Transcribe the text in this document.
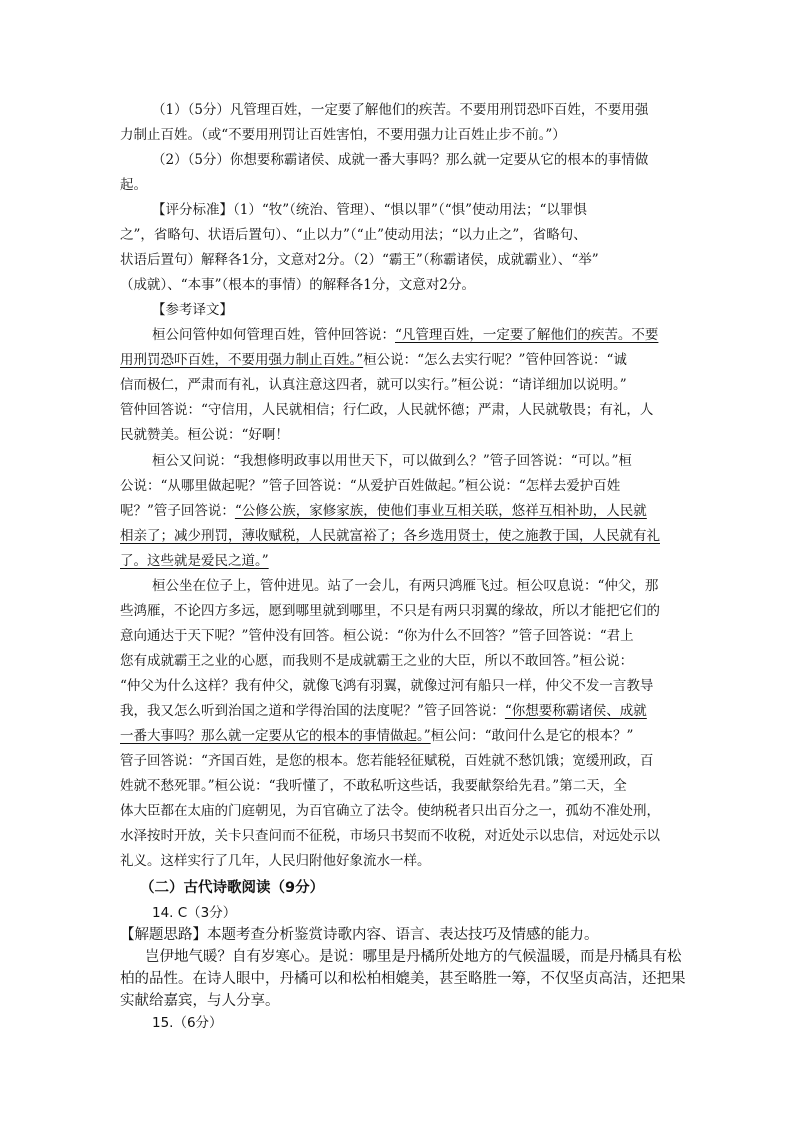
（1）（5分）凡管理百姓，一定要了解他们的疾苦。不要用刑罚恐吓百姓，不要用强
力制止百姓。（或“不要用刑罚让百姓害怕，不要用强力让百姓止步不前。”）
（2）（5分）你想要称霸诸侯、成就一番大事吗？那么就一定要从它的根本的事情做
起。
【评分标准】（1）“牧”（统治、管理）、“惧以罪”（“惧”使动用法；“以罪惧
之”，省略句、状语后置句）、“止以力”（“止”使动用法；“以力止之”，省略句、
状语后置句）解释各1分，文意对2分。（2）“霸王”（称霸诸侯，成就霸业）、“举”
（成就）、“本事”（根本的事情）的解释各1分，文意对2分。
【参考译文】
桓公问管仲如何管理百姓，管仲回答说：“凡管理百姓，一定要了解他们的疾苦。不要
用刑罚恐吓百姓，不要用强力制止百姓。”桓公说：“怎么去实行呢？”管仲回答说：“诚
信而极仁，严肃而有礼，认真注意这四者，就可以实行。”桓公说：“请详细加以说明。”
管仲回答说：“守信用，人民就相信；行仁政，人民就怀德；严肃，人民就敬畏；有礼，人
民就赞美。桓公说：“好啊！
桓公又问说：“我想修明政事以用世天下，可以做到么？”管子回答说：“可以。”桓
公说：“从哪里做起呢？”管子回答说：“从爱护百姓做起。”桓公说：“怎样去爱护百姓
呢？”管子回答说：“公修公族，家修家族，使他们事业互相关联，悠祥互相补助，人民就
相亲了；减少刑罚，薄收赋税，人民就富裕了；各乡选用贤士，使之施教于国，人民就有礼
了。这些就是爱民之道。”
桓公坐在位子上，管仲进见。站了一会儿，有两只鸿雁飞过。桓公叹息说：“仲父，那
些鸿雁，不论四方多远，愿到哪里就到哪里，不只是有两只羽翼的缘故，所以才能把它们的
意向通达于天下呢？”管仲没有回答。桓公说：“你为什么不回答？”管子回答说：“君上
您有成就霸王之业的心愿，而我则不是成就霸王之业的大臣，所以不敢回答。”桓公说：
“仲父为什么这样？我有仲父，就像飞鸿有羽翼，就像过河有船只一样，仲父不发一言教导
我，我又怎么听到治国之道和学得治国的法度呢？”管子回答说：“你想要称霸诸侯、成就
一番大事吗？那么就一定要从它的根本的事情做起。”桓公问：“敢问什么是它的根本？”
管子回答说：“齐国百姓，是您的根本。您若能轻征赋税，百姓就不愁饥饿；宽缓刑政，百
姓就不愁死罪。”桓公说：“我听懂了，不敢私听这些话，我要献祭给先君。”第二天，全
体大臣都在太庙的门庭朝见，为百官确立了法令。使纳税者只出百分之一，孤幼不准处刑，
水泽按时开放，关卡只查问而不征税，市场只书契而不收税，对近处示以忠信，对远处示以
礼义。这样实行了几年，人民归附他好象流水一样。
（二）古代诗歌阅读（9分）
14. C（3分）
【解题思路】本题考查分析鉴赏诗歌内容、语言、表达技巧及情感的能力。
岂伊地气暖？自有岁寒心。是说：哪里是丹橘所处地方的气候温暖，而是丹橘具有松
柏的品性。在诗人眼中，丹橘可以和松柏相媲美，甚至略胜一筹，不仅坚贞高洁，还把果
实献给嘉宾，与人分享。
15.（6分）
